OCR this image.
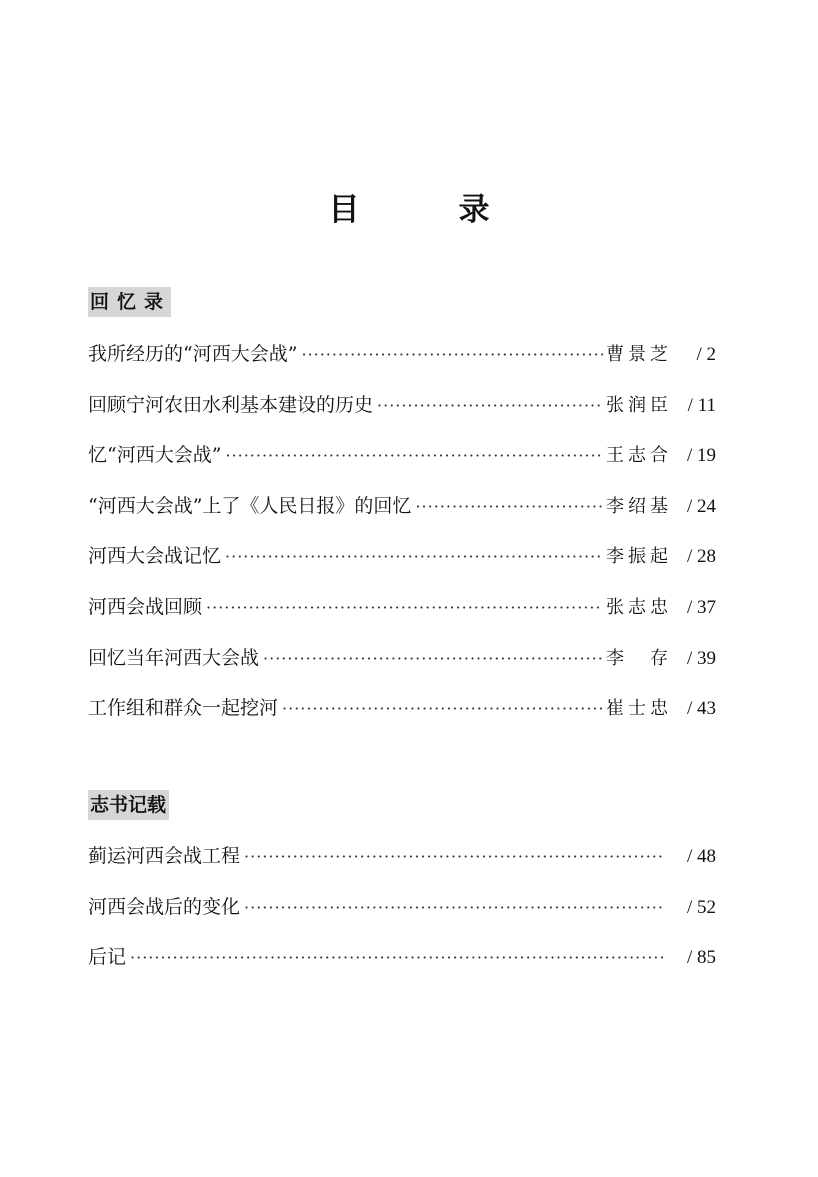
目　录
回忆录
我所经历的“河西大会战” ·····	曹景芝	/ 2
回顾宁河农田水利基本建设的历史 ·····	张润臣 / 11
忆“河西大会战” ·····	王志合 / 19
“河西大会战”上了《人民日报》的回忆 ·····	李绍基 / 24
河西大会战记忆 ·····	李振起 / 28
河西会战回顾 ·····	张志忠 / 37
回忆当年河西大会战 ·····	李　存 / 39
工作组和群众一起挖河 ·····	崔士忠 / 43
志书记载
蓟运河西会战工程 ·····	/ 48
河西会战后的变化 ·····	/ 52
后记 ·····	/ 85
